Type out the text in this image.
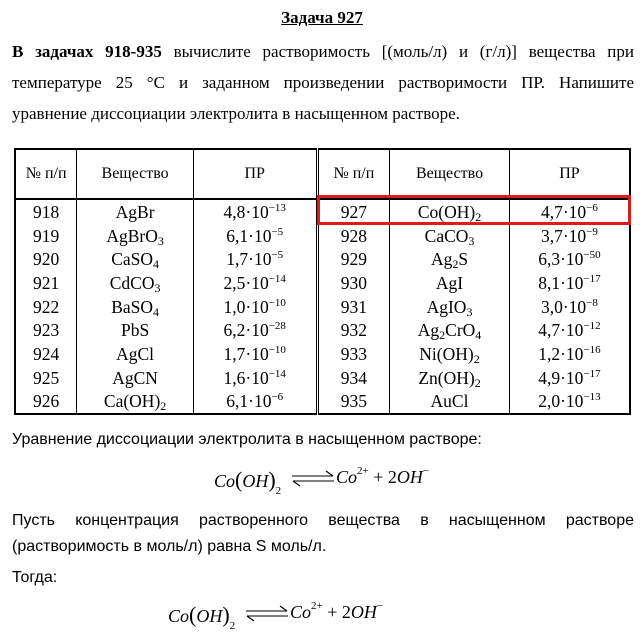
Задача 927
В задачах 918-935 вычислите растворимость [(моль/л) и (г/л)] вещества при
температуре 25 °С и заданном произведении растворимости ПР. Напишите
уравнение диссоциации электролита в насыщенном растворе.
№ п/п	Вещество	ПР	№ п/п	Вещество	ПР
918	AgBr	$4,8\cdot 10^{-13}$	927	$Co(OH)_2$	$4,7\cdot 10^{-6}$
919	AgBrO$_3$	$6,1\cdot 10^{-5}$	928	CaCO$_3$	$3,7\cdot 10^{-9}$
920	CaSO$_4$	$1,7\cdot 10^{-5}$	929	$Ag_2S$	$6,3\cdot 10^{-50}$
921	CdCO$_3$	$2,5\cdot 10^{-14}$	930	AgI	$8,1\cdot 10^{-17}$
922	BaSO$_4$	$1,0\cdot 10^{-10}$	931	AgIO$_3$	$3,0\cdot 10^{-8}$
923	PbS	$6,2\cdot 10^{-28}$	932	$Ag_2CrO_4$	$4,7\cdot 10^{-12}$
924	AgCl	$1,7\cdot 10^{-10}$	933	$Ni(OH)_2$	$1,2\cdot 10^{-16}$
925	AgCN	$1,6\cdot 10^{-14}$	934	$Zn(OH)_2$	$4,9\cdot 10^{-17}$
926	$Ca(OH)_2$	$6,1\cdot 10^{-6}$	935	AuCl	$2,0\cdot 10^{-13}$

Уравнение диссоциации электролита в насыщенном растворе:

$Co(OH)_2$
⇌ $Co^{2+} + 2OH^-$
Пусть концентрация растворенного вещества в насыщенном растворе
(растворимость в моль/л) равна S моль/л.

Тогда:

$Co(OH)_2$
⇌ $Co^{2+} + 2OH^-$
